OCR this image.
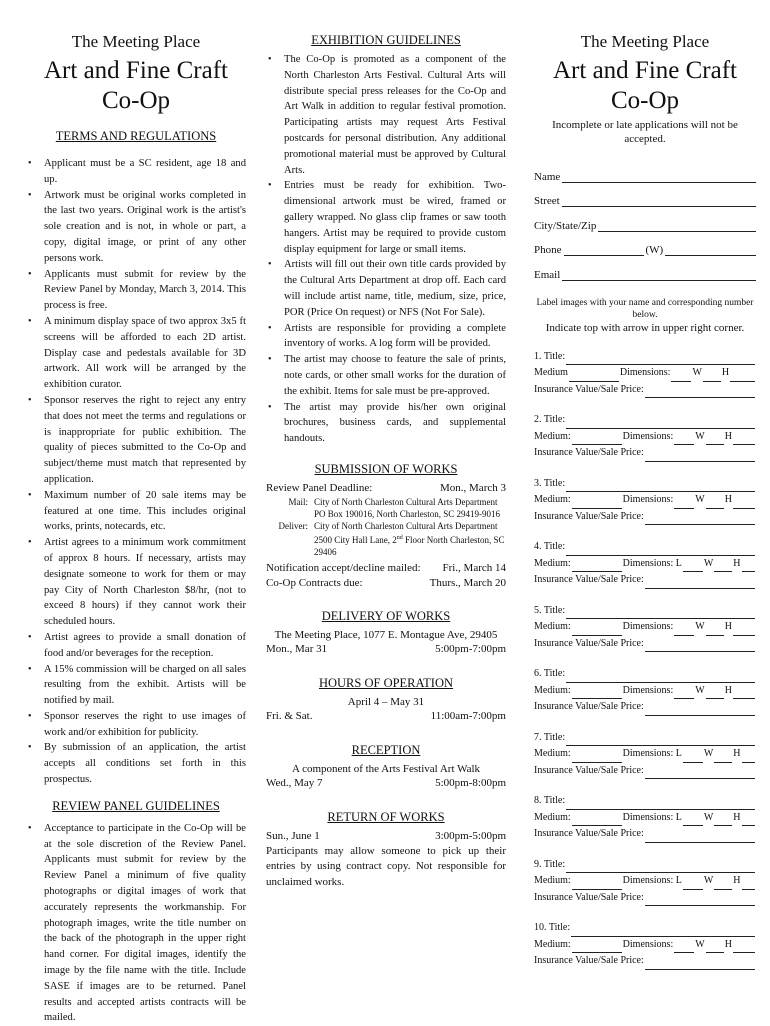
The Meeting Place
Art and Fine Craft Co-Op
TERMS AND REGULATIONS
• Applicant must be a SC resident, age 18 and up.
• Artwork must be original works completed in the last two years. Original work is the artist's sole creation and is not, in whole or part, a copy, digital image, or print of any other persons work.
• Applicants must submit for review by the Review Panel by Monday, March 3, 2014. This process is free.
• A minimum display space of two approx 3x5 ft screens will be afforded to each 2D artist. Display case and pedestals available for 3D artwork. All work will be arranged by the exhibition curator.
• Sponsor reserves the right to reject any entry that does not meet the terms and regulations or is inappropriate for public exhibition. The quality of pieces submitted to the Co-Op and subject/theme must match that represented by application.
• Maximum number of 20 sale items may be featured at one time. This includes original works, prints, notecards, etc.
• Artist agrees to a minimum work commitment of approx 8 hours. If necessary, artists may designate someone to work for them or may pay City of North Charleston $8/hr, (not to exceed 8 hours) if they cannot work their scheduled hours.
• Artist agrees to provide a small donation of food and/or beverages for the reception.
• A 15% commission will be charged on all sales resulting from the exhibit. Artists will be notified by mail.
• Sponsor reserves the right to use images of work and/or exhibition for publicity.
• By submission of an application, the artist accepts all conditions set forth in this prospectus.
REVIEW PANEL GUIDELINES
• Acceptance to participate in the Co-Op will be at the sole discretion of the Review Panel. Applicants must submit for review by the Review Panel a minimum of five quality photographs or digital images of work that accurately represents the workmanship. For photograph images, write the title number on the back of the photograph in the upper right hand corner. For digital images, identify the image by the file name with the title. Include SASE if images are to be returned. Panel results and accepted artists contracts will be mailed.
EXHIBITION GUIDELINES
• The Co-Op is promoted as a component of the North Charleston Arts Festival. Cultural Arts will distribute special press releases for the Co-Op and Art Walk in addition to regular festival promotion. Participating artists may request Arts Festival postcards for personal distribution. Any additional promotional material must be approved by Cultural Arts.
• Entries must be ready for exhibition. Two-dimensional artwork must be wired, framed or gallery wrapped. No glass clip frames or saw tooth hangers. Artist may be required to provide custom display equipment for large or small items.
• Artists will fill out their own title cards provided by the Cultural Arts Department at drop off. Each card will include artist name, title, medium, size, price, POR (Price On request) or NFS (Not For Sale).
• Artists are responsible for providing a complete inventory of works. A log form will be provided.
• The artist may choose to feature the sale of prints, note cards, or other small works for the duration of the exhibit. Items for sale must be pre-approved.
• The artist may provide his/her own original brochures, business cards, and supplemental handouts.
SUBMISSION OF WORKS
Review Panel Deadline:	Mon., March 3
Mail: City of North Charleston Cultural Arts Department
PO Box 190016, North Charleston, SC 29419-9016
Deliver: City of North Charleston Cultural Arts Department
2500 City Hall Lane, 2nd Floor North Charleston, SC 29406
Notification accept/decline mailed: Fri., March 14
Co-Op Contracts due:	Thurs., March 20
DELIVERY OF WORKS
The Meeting Place, 1077 E. Montague Ave, 29405
Mon., Mar 31	5:00pm-7:00pm
HOURS OF OPERATION
April 4 – May 31
Fri. & Sat.	11:00am-7:00pm
RECEPTION
A component of the Arts Festival Art Walk
Wed., May 7	5:00pm-8:00pm
RETURN OF WORKS
Sun., June 1	3:00pm-5:00pm
Participants may allow someone to pick up their entries by using contract copy. Not responsible for unclaimed works.
The Meeting Place
Art and Fine Craft Co-Op
Incomplete or late applications will not be accepted.
Name
Street
City/State/Zip
Phone	(W)
Email
Label images with your name and corresponding number below.
Indicate top with arrow in upper right corner.
1. Title:
Medium	Dimensions: W H
Insurance Value/Sale Price:
2. Title:
Medium:	Dimensions: W H
Insurance Value/Sale Price:
3. Title:
Medium:	Dimensions: W H
Insurance Value/Sale Price:
4. Title:
Medium:	Dimensions: L W H
Insurance Value/Sale Price:
5. Title:
Medium:	Dimensions: W H
Insurance Value/Sale Price:
6. Title:
Medium:	Dimensions: W H
Insurance Value/Sale Price:
7. Title:
Medium:	Dimensions: L W H
Insurance Value/Sale Price:
8. Title:
Medium:	Dimensions: L W H
Insurance Value/Sale Price:
9. Title:
Medium:	Dimensions: L W H
Insurance Value/Sale Price:
10. Title:
Medium:	Dimensions: W H
Insurance Value/Sale Price:
